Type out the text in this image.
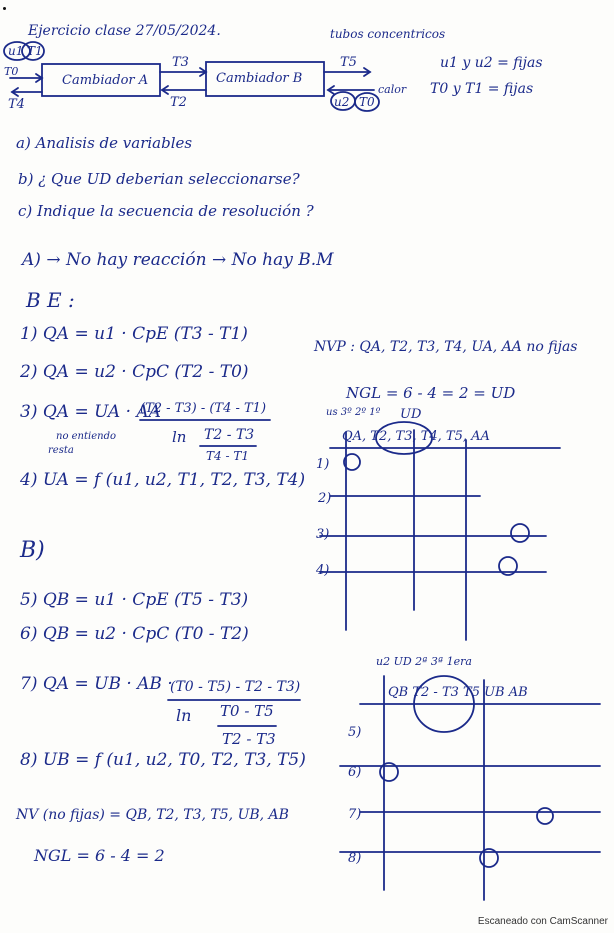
Ejercicio clase 27/05/2024.	tubos concentricos
u1 y u2 = fijas
T0 y T1 = fijas
calor
u1 T1
T0
T4
Cambiador A	Cambiador B
T3
T2
T5
u2 T0
a) Analisis de variables
b) ¿ Que UD deberian seleccionarse?
c) Indique la secuencia de resolución ?
A) → No hay reacción → No hay B.M
B E :
1) QA = u1 · CpE (T3 - T1)
2) QA = u2 · CpC (T2 - T0)
3) QA = UA · AA
(T2 - T3) - (T4 - T1)
ln T2 - T3
T4 - T1
no entiendo
resta
4) UA = f (u1, u2, T1, T2, T3, T4)
NVP : QA, T2, T3, T4, UA, AA no fijas
NGL = 6 - 4 = 2 = UD
UD
us 3º 2º 1º
QA, T2, T3, T4, T5, AA
1)
2)
3)
4)
B)
5) QB = u1 · CpE (T5 - T3)
6) QB = u2 · CpC (T0 - T2)
7) QA = UB · AB ·
(T0 - T5) - T2 - T3)
ln T0 - T5
T2 - T3
8) UB = f (u1, u2, T0, T2, T3, T5)
NV (no fijas) = QB, T2, T3, T5, UB, AB
NGL = 6 - 4 = 2
u2 UD 2ª 3ª 1era
QB T2 - T3 T5 UB AB
5)
6)
7)
8)
Escaneado con CamScanner
